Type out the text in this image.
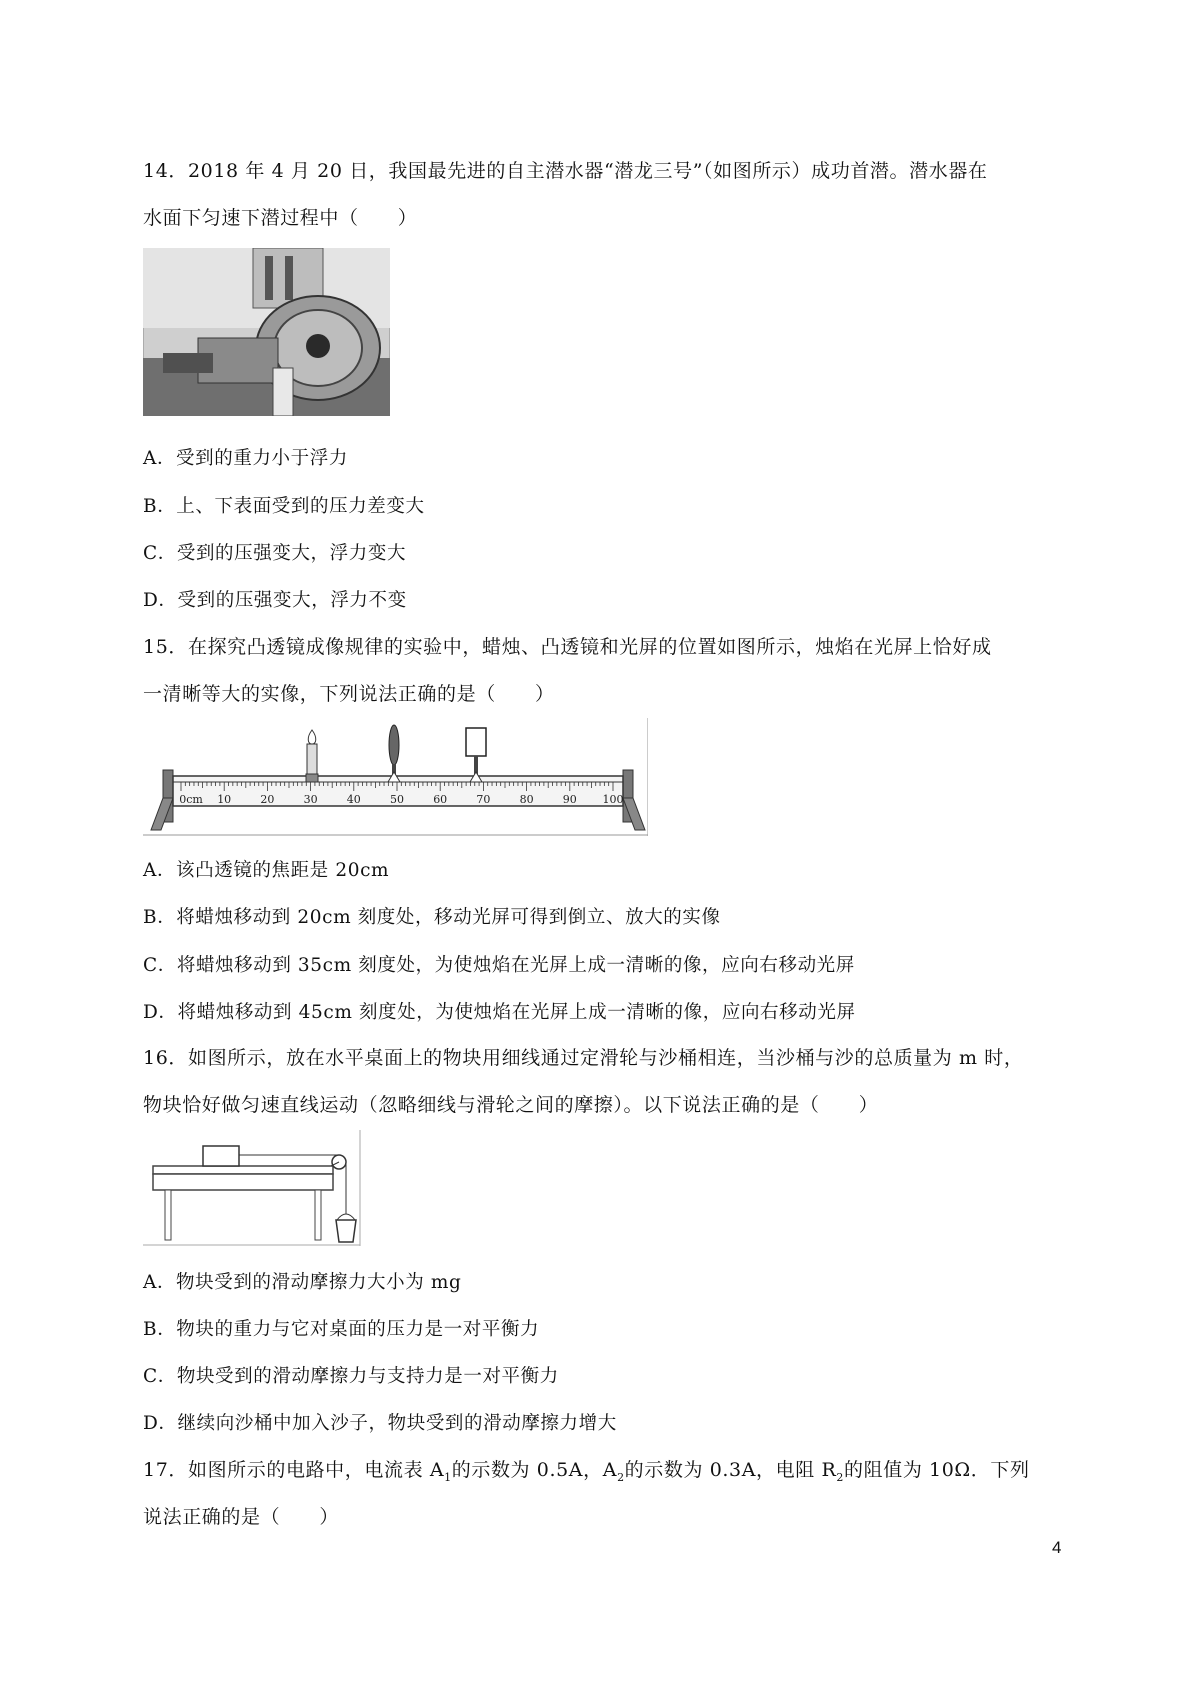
14．2018 年 4 月 20 日，我国最先进的自主潜水器“潜龙三号”（如图所示）成功首潜。潜水器在
水面下匀速下潜过程中（　　）
A．受到的重力小于浮力
B．上、下表面受到的压力差变大
C．受到的压强变大，浮力变大
D．受到的压强变大，浮力不变
15．在探究凸透镜成像规律的实验中，蜡烛、凸透镜和光屏的位置如图所示，烛焰在光屏上恰好成
一清晰等大的实像，下列说法正确的是（　　）
0cm 10	20	30	40	50	60	70	80	90 100
A．该凸透镜的焦距是 20cm
B．将蜡烛移动到 20cm 刻度处，移动光屏可得到倒立、放大的实像
C．将蜡烛移动到 35cm 刻度处，为使烛焰在光屏上成一清晰的像，应向右移动光屏
D．将蜡烛移动到 45cm 刻度处，为使烛焰在光屏上成一清晰的像，应向右移动光屏
16．如图所示，放在水平桌面上的物块用细线通过定滑轮与沙桶相连，当沙桶与沙的总质量为 m 时，
物块恰好做匀速直线运动（忽略细线与滑轮之间的摩擦）。以下说法正确的是（　　）
A．物块受到的滑动摩擦力大小为 mg
B．物块的重力与它对桌面的压力是一对平衡力
C．物块受到的滑动摩擦力与支持力是一对平衡力
D．继续向沙桶中加入沙子，物块受到的滑动摩擦力增大
17．如图所示的电路中，电流表 $A_1$的示数为 0.5A，$A_2$的示数为 0.3A，电阻 $R_2$的阻值为 10Ω．下列
说法正确的是（　　）
4
